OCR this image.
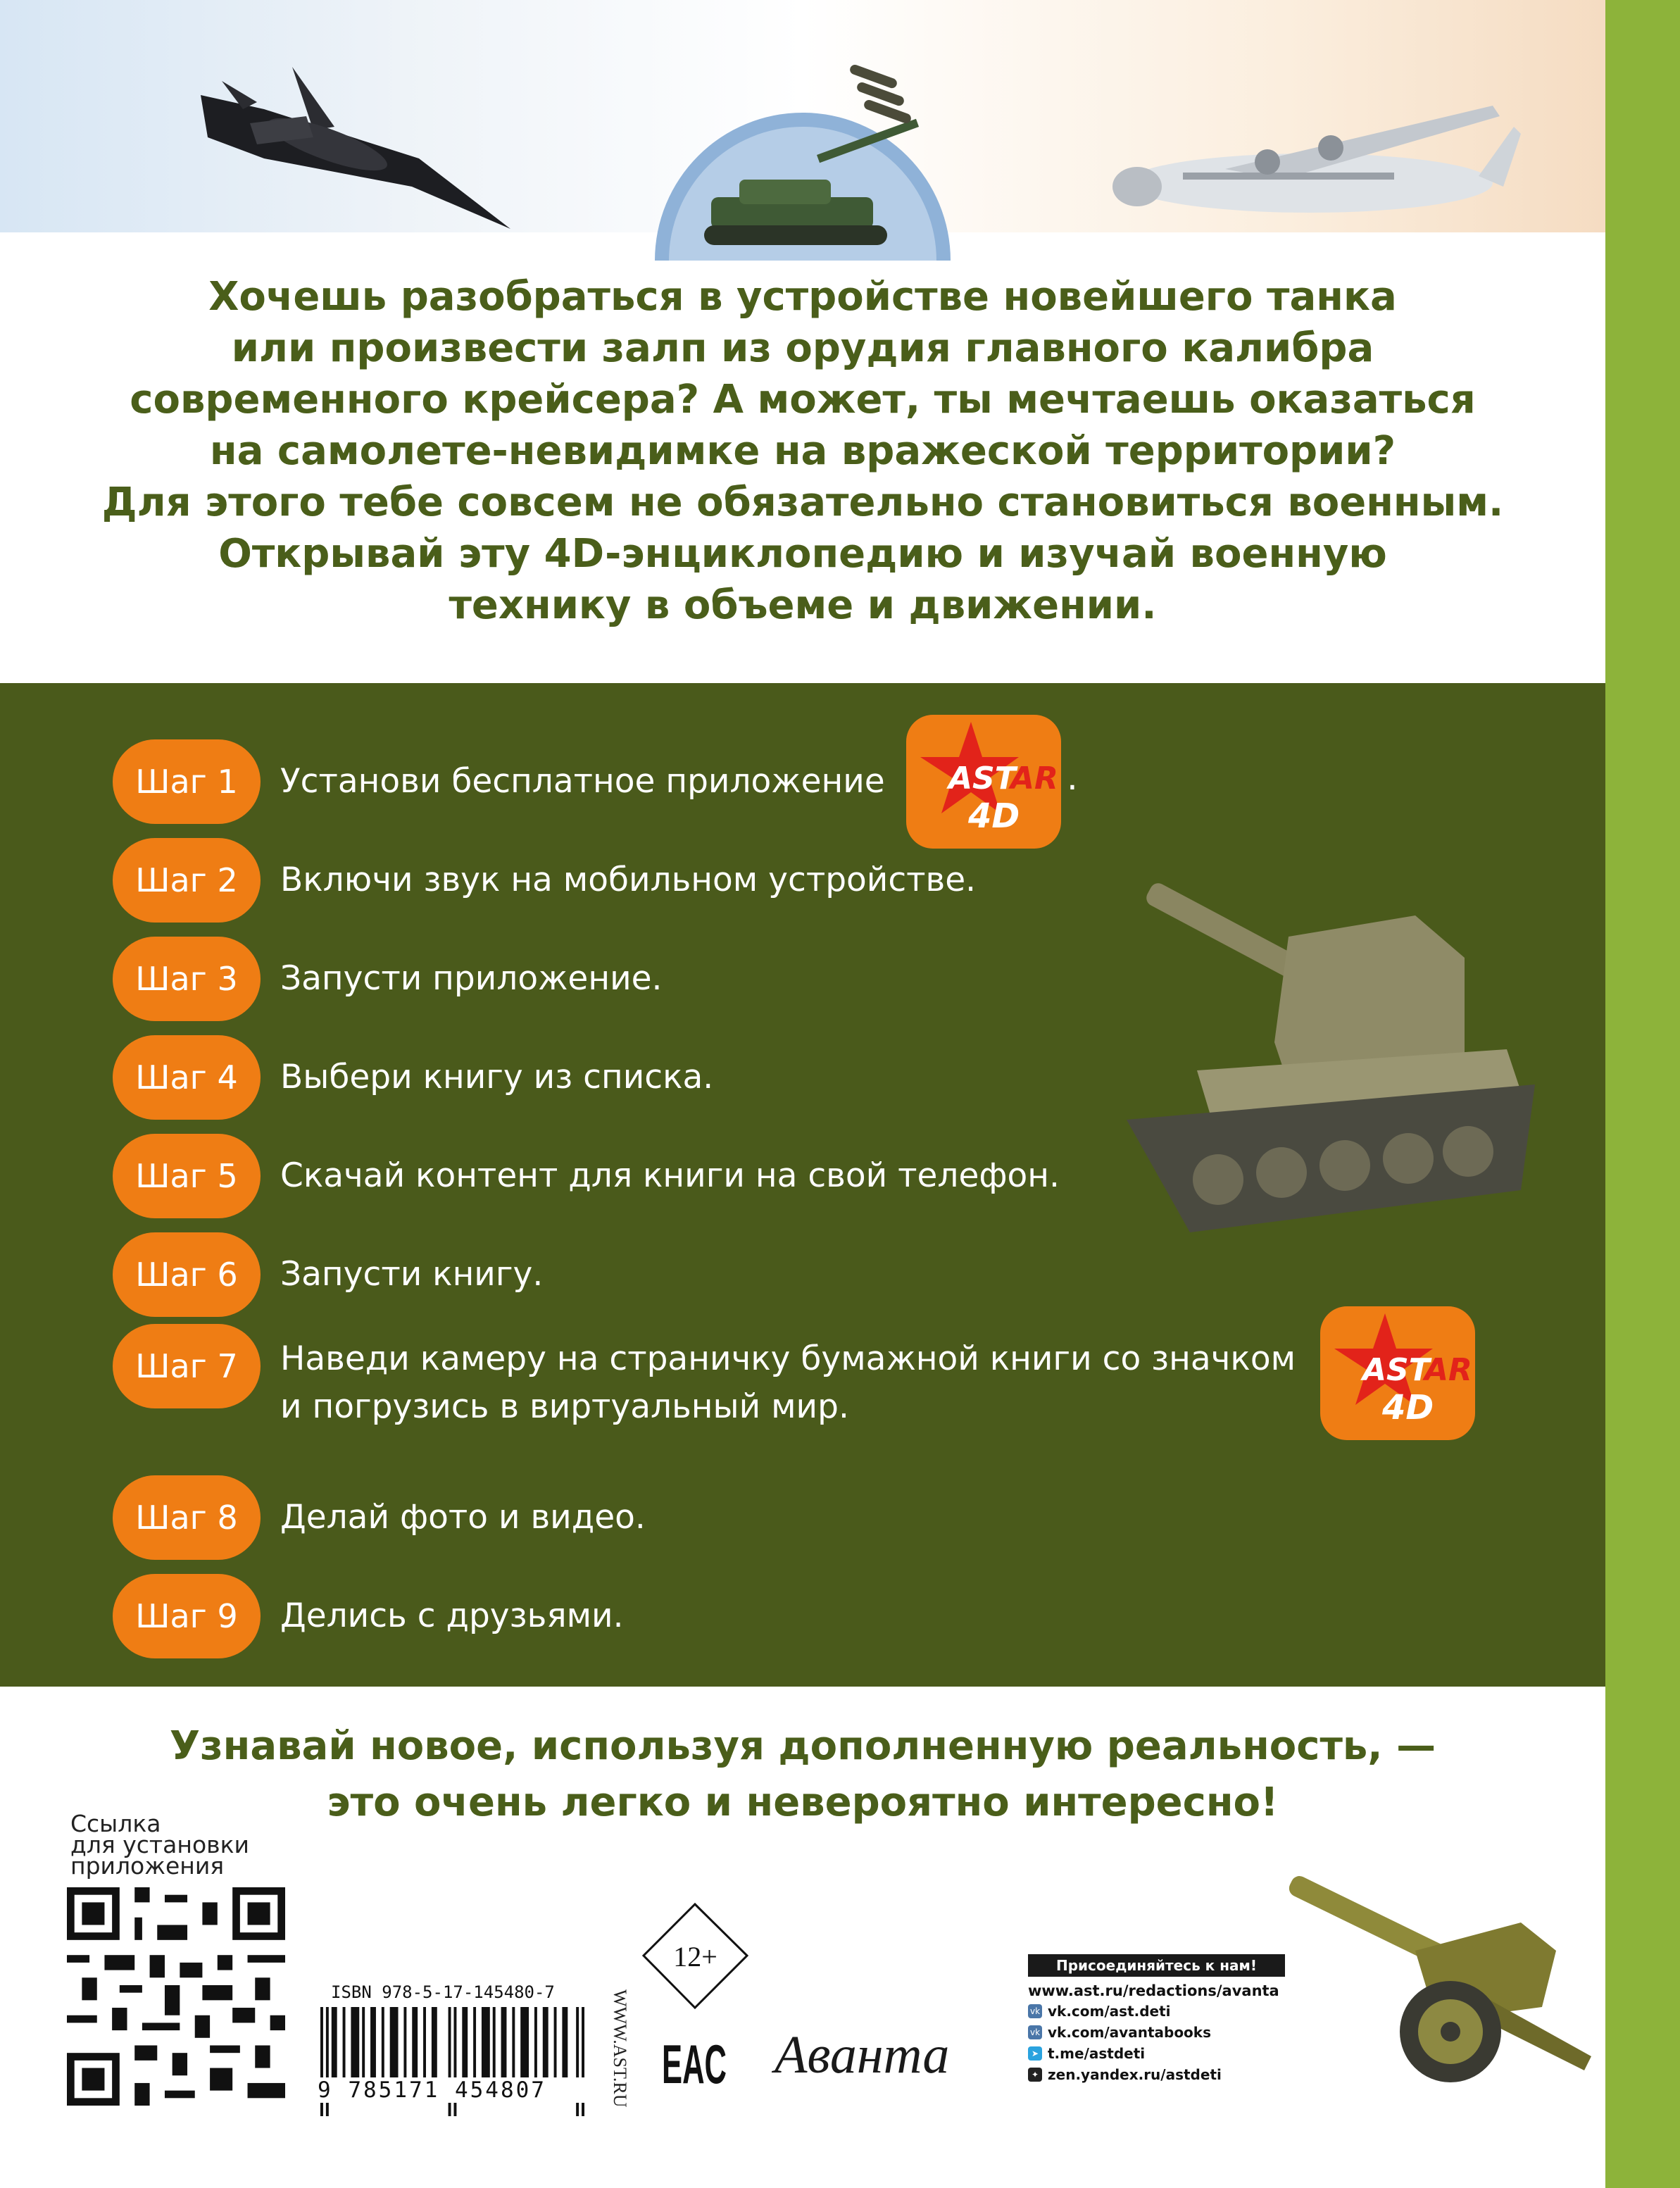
Хочешь разобраться в устройстве новейшего танка
или произвести залп из орудия главного калибра
современного крейсера? А может, ты мечтаешь оказаться
на самолете-невидимке на вражеской территории?
Для этого тебе совсем не обязательно становиться военным.
Открывай эту 4D-энциклопедию и изучай военную
технику в объеме и движении.
Шаг 1	Установи бесплатное приложение
Шаг 2	Включи звук на мобильном устройстве.
Шаг 3	Запусти приложение.
Шаг 4	Выбери книгу из списка.
Шаг 5	Скачай контент для книги на свой телефон.
Шаг 6	Запусти книгу.
Шаг 7	Наведи камеру на страничку бумажной книги со значком
и погрузись в виртуальный мир.
Шаг 8	Делай фото и видео.
Шаг 9	Делись с друзьями.
AST
AR
4D
.
AST
AR
4D
Узнавай новое, используя дополненную реальность, —
это очень легко и невероятно интересно!
Ссылка
для установки
приложения
ISBN 978-5-17-145480-7
9 785171 454807	WWW.AST.RU
12+
EAC Аванта
Присоединяйтесь к нам!
www.ast.ru/redactions/avanta
vk vk.com/ast.deti
vk vk.com/avantabooks
➤ t.me/astdeti
✦ zen.yandex.ru/astdeti
